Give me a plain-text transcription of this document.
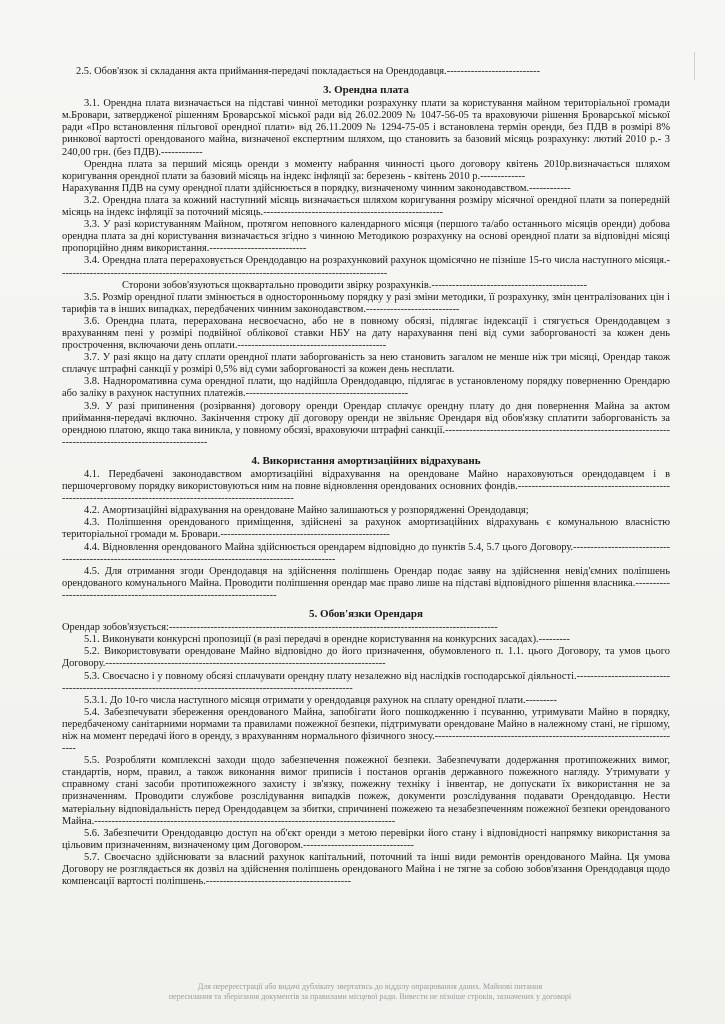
2.5. Обов'язок зі складання акта приймання-передачі покладається на Орендодавця.---------------------------

3. Орендна плата

3.1. Орендна плата визначається на підставі чинної методики розрахунку плати за користування майном територіальної громади м.Бровари, затвердженої рішенням Броварської міської ради від 26.02.2009 № 1047-56-05 та враховуючи рішення Броварської міської ради «Про встановлення пільгової орендної плати» від 26.11.2009 № 1294-75-05 і встановлена термін оренди, без ПДВ в розмірі 8% ринкової вартості орендованого майна, визначеної експертним шляхом, що становить за базовий місяць розрахунку: лютий 2010 р.- 3 240,00 грн. (без ПДВ).------------

Орендна плата за перший місяць оренди з моменту набрання чинності цього договору квітень 2010р.визначається шляхом коригування орендної плати за базовий місяць на індекс інфляції за: березень - квітень 2010 р.-------------

Нарахування ПДВ на суму орендної плати здійснюється в порядку, визначеному чинним законодавством.------------

3.2. Орендна плата за кожний наступний місяць визначається шляхом коригування розміру місячної орендної плати за попередній місяць на індекс інфляції за поточний місяць.----------------------------------------------------

3.3. У разі користуванням Майном, протягом неповного календарного місяця (першого та/або останнього місяців оренди) добова орендна плата за дні користування визначається згідно з чинною Методикою розрахунку на основі орендної плати за відповідні місяці пропорційно дням використання.----------------------------

3.4. Орендна плата перераховується Орендодавцю на розрахунковий рахунок щомісячно не пізніше 15-го числа наступного місяця.-----------------------------------------------------------------------------------------------

Сторони зобов'язуються щоквартально проводити звірку розрахунків.---------------------------------------------

3.5. Розмір орендної плати змінюється в односторонньому порядку у разі зміни методики, її розрахунку, змін централізованих цін і тарифів та в інших випадках, передбачених чинним законодавством.---------------------------

3.6. Орендна плата, перерахована несвоєчасно, або не в повному обсязі, підлягає індексації і стягується Орендодавцем з врахуванням пені у розмірі подвійної облікової ставки НБУ на дату нарахування пені від суми заборгованості за кожен день прострочення, включаючи день оплати.-------------------------------------------

3.7. У разі якщо на дату сплати орендної плати заборгованість за нею становить загалом не менше ніж три місяці, Орендар також сплачує штрафні санкції у розмірі 0,5% від суми заборгованості за кожен день несплати.

3.8. Надноромативна сума орендної плати, що надійшла Орендодавцю, підлягає в установленому порядку поверненню Орендарю або заліку в рахунок наступних платежів.-----------------------------------------------

3.9. У разі припинення (розірвання) договору оренди Орендар сплачує орендну плату до дня повернення Майна за актом приймання-передачі включно. Закінчення строку дії договору оренди не звільняє Орендаря від обов'язку сплатити заборгованість за орендною платою, якщо така виникла, у повному обсязі, враховуючи штрафні санкції.-----------------------------------------------------------------------------------------------------------

4. Використання амортизаційних відрахувань

4.1. Передбачені законодавством амортизаційні відрахування на орендоване Майно нараховуються орендодавцем і в першочерговому порядку використовуються ним на повне відновлення орендованих основних фондів.---------------------------------------------------------------------------------------------------------------

4.2. Амортизаційні відрахування на орендоване Майно залишаються у розпорядженні Орендодавця;

4.3. Поліпшення орендованого приміщення, здійснені за рахунок амортизаційних відрахувань є комунальною власністю територіальної громади м. Бровари.-------------------------------------------------

4.4. Відновлення орендованого Майна здійснюється орендарем відповідно до пунктів 5.4, 5.7 цього Договору.-----------------------------------------------------------------------------------------------------------

4.5. Для отримання згоди Орендодавця на здійснення поліпшень Орендар подає заяву на здійснення невід'ємних поліпшень орендованого комунального Майна. Проводити поліпшення орендар має право лише на підставі відповідного рішення власника.------------------------------------------------------------------------

5. Обов'язки Орендаря

Орендар зобов'язується:-----------------------------------------------------------------------------------------------

5.1. Виконувати конкурсні пропозиції (в разі передачі в орендне користування на конкурсних засадах).---------

5.2. Використовувати орендоване Майно відповідно до його призначення, обумовленого п. 1.1. цього Договору, та умов цього Договору.---------------------------------------------------------------------------------

5.3. Своєчасно і у повному обсязі сплачувати орендну плату незалежно від наслідків господарської діяльності.---------------------------------------------------------------------------------------------------------------

5.3.1. До 10-го числа наступного місяця отримати у орендодавця рахунок на сплату орендної плати.---------

5.4. Забезпечувати збереження орендованого Майна, запобігати його пошкодженню і псуванню, утримувати Майно в порядку, передбаченому санітарними нормами та правилами пожежної безпеки, підтримувати орендоване Майно в належному стані, не гіршому, ніж на момент передачі його в оренду, з врахуванням нормального фізичного зносу.------------------------------------------------------------------------

5.5. Розробляти комплексні заходи щодо забезпечення пожежної безпеки. Забезпечувати додержання протипожежних вимог, стандартів, норм, правил, а також виконання вимог приписів і постанов органів державного пожежного нагляду. Утримувати у справному стані засоби протипожежного захисту і зв'язку, пожежну техніку і інвентар, не допускати їх використання не за призначенням. Проводити службове розслідування випадків пожеж, документи розслідування подавати Орендодавцю. Нести матеріальну відповідальність перед Орендодавцем за збитки, спричинені пожежею та незабезпеченням пожежної безпеки орендованого Майна.---------------------------------------------------------------------------------------

5.6. Забезпечити Орендодавцю доступ на об'єкт оренди з метою перевірки його стану і відповідності напрямку використання за цільовим призначенням, визначеному цим Договором.--------------------------------

5.7. Своєчасно здійснювати за власний рахунок капітальний, поточний та інші види ремонтів орендованого Майна. Ця умова Договору не розглядається як дозвіл на здійснення поліпшень орендованого Майна і не тягне за собою зобов'язання Орендодавця щодо компенсації вартості поліпшень.------------------------------------------

Для перереєстрації або видачі дублікату звертатись до відділу опрацювання даних. Майнові питання
пересилання та зберігання документів за правилами місцевої ради. Вивести не пізніше строків, зазначених у договорі
